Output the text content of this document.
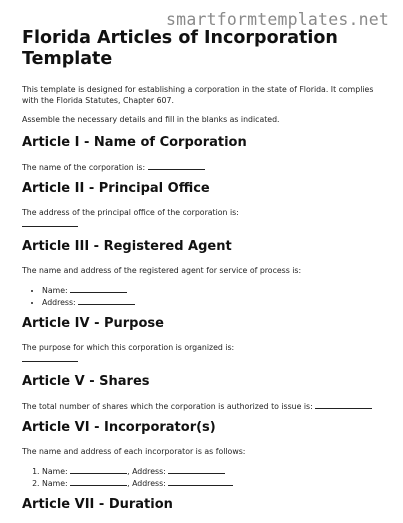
smartformtemplates.net
Florida Articles of Incorporation Template

This template is designed for establishing a corporation in the state of Florida. It complies with the Florida Statutes, Chapter 607.

Assemble the necessary details and fill in the blanks as indicated.

Article I - Name of Corporation

The name of the corporation is:

Article II - Principal Office

The address of the principal office of the corporation is:

Article III - Registered Agent

The name and address of the registered agent for service of process is:

• Name:
• Address:
Article IV - Purpose

The purpose for which this corporation is organized is:

Article V - Shares

The total number of shares which the corporation is authorized to issue is:

Article VI - Incorporator(s)

The name and address of each incorporator is as follows:

1. Name:	, Address:
2. Name:	, Address:
Article VII - Duration
